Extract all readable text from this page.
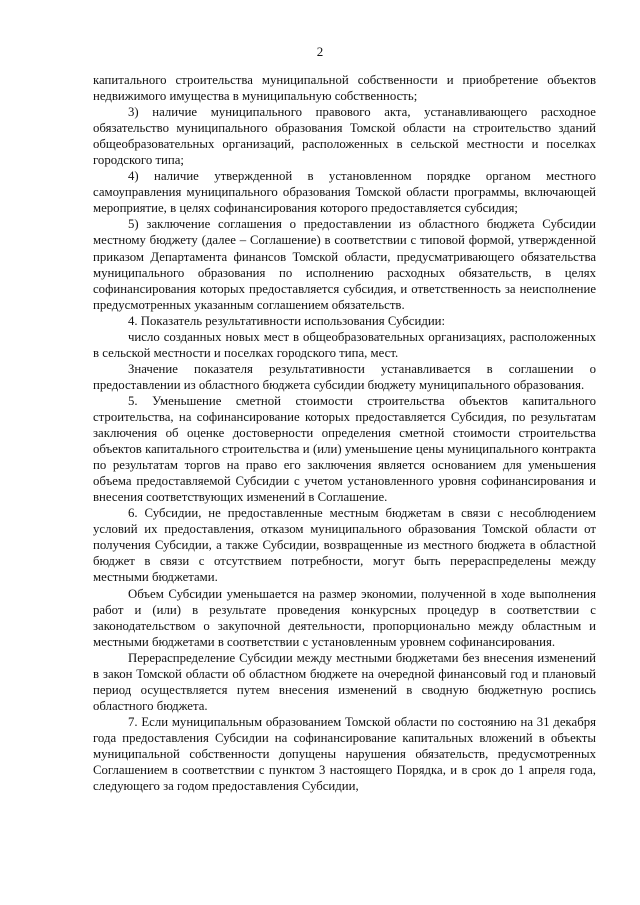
2

капитального строительства муниципальной собственности и приобретение объектов недвижимого имущества в муниципальную собственность;

3) наличие муниципального правового акта, устанавливающего расходное обязательство муниципального образования Томской области на строительство зданий общеобразовательных организаций, расположенных в сельской местности и поселках городского типа;

4) наличие утвержденной в установленном порядке органом местного самоуправления муниципального образования Томской области программы, включающей мероприятие, в целях софинансирования которого предоставляется субсидия;

5) заключение соглашения о предоставлении из областного бюджета Субсидии местному бюджету (далее – Соглашение) в соответствии с типовой формой, утвержденной приказом Департамента финансов Томской области, предусматривающего обязательства муниципального образования по исполнению расходных обязательств, в целях софинансирования которых предоставляется субсидия, и ответственность за неисполнение предусмотренных указанным соглашением обязательств.

4. Показатель результативности использования Субсидии:

число созданных новых мест в общеобразовательных организациях, расположенных в сельской местности и поселках городского типа, мест.

Значение показателя результативности устанавливается в соглашении о предоставлении из областного бюджета субсидии бюджету муниципального образования.

5. Уменьшение сметной стоимости строительства объектов капитального строительства, на софинансирование которых предоставляется Субсидия, по результатам заключения об оценке достоверности определения сметной стоимости строительства объектов капитального строительства и (или) уменьшение цены муниципального контракта по результатам торгов на право его заключения является основанием для уменьшения объема предоставляемой Субсидии с учетом установленного уровня софинансирования и внесения соответствующих изменений в Соглашение.

6. Субсидии, не предоставленные местным бюджетам в связи с несоблюдением условий их предоставления, отказом муниципального образования Томской области от получения Субсидии, а также Субсидии, возвращенные из местного бюджета в областной бюджет в связи с отсутствием потребности, могут быть перераспределены между местными бюджетами.

Объем Субсидии уменьшается на размер экономии, полученной в ходе выполнения работ и (или) в результате проведения конкурсных процедур в соответствии с законодательством о закупочной деятельности, пропорционально между областным и местными бюджетами в соответствии с установленным уровнем софинансирования.

Перераспределение Субсидии между местными бюджетами без внесения изменений в закон Томской области об областном бюджете на очередной финансовый год и плановый период осуществляется путем внесения изменений в сводную бюджетную роспись областного бюджета.

7. Если муниципальным образованием Томской области по состоянию на 31 декабря года предоставления Субсидии на софинансирование капитальных вложений в объекты муниципальной собственности допущены нарушения обязательств, предусмотренных Соглашением в соответствии с пунктом 3 настоящего Порядка, и в срок до 1 апреля года, следующего за годом предоставления Субсидии,
